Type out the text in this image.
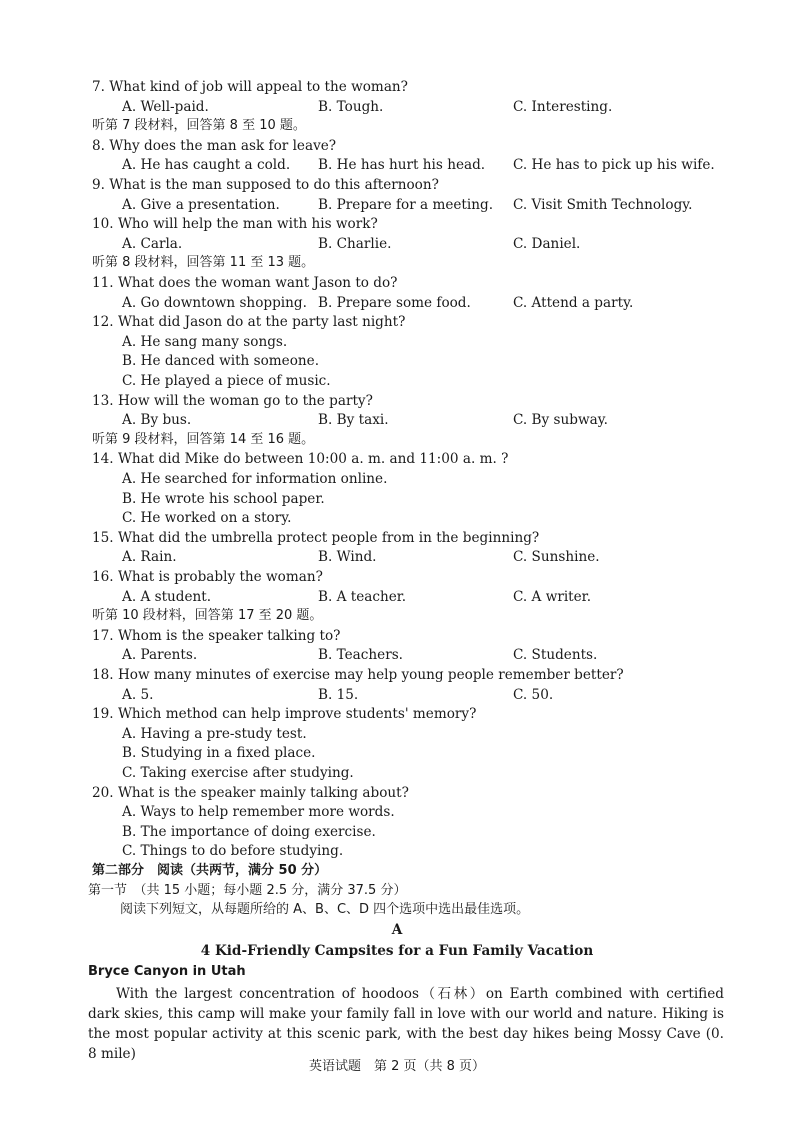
With the largest concentration of hoodoos（石林）on Earth combined with certified dark skies, this camp will make your family fall in love with our world and nature. Hiking is the most popular activity at this scenic park, with the best day hikes being Mossy Cave (0. 8 mile)
英语试题　第 2 页（共 8 页）
7. What kind of job will appeal to the woman?
A. Well-paid.	B. Tough.	C. Interesting.
听第 7 段材料，回答第 8 至 10 题。
8. Why does the man ask for leave?
A. He has caught a cold. B. He has hurt his head. C. He has to pick up his wife.
9. What is the man supposed to do this afternoon?
A. Give a presentation.	B. Prepare for a meeting. C. Visit Smith Technology.
10. Who will help the man with his work?
A. Carla.	B. Charlie.	C. Daniel.
听第 8 段材料，回答第 11 至 13 题。
11. What does the woman want Jason to do?
A. Go downtown shopping. B. Prepare some food.	C. Attend a party.
12. What did Jason do at the party last night?
A. He sang many songs.
B. He danced with someone.
C. He played a piece of music.
13. How will the woman go to the party?
A. By bus.	B. By taxi.	C. By subway.
听第 9 段材料，回答第 14 至 16 题。
14. What did Mike do between 10:00 a. m. and 11:00 a. m. ?
A. He searched for information online.
B. He wrote his school paper.
C. He worked on a story.
15. What did the umbrella protect people from in the beginning?
A. Rain.	B. Wind.	C. Sunshine.
16. What is probably the woman?
A. A student.	B. A teacher.	C. A writer.
听第 10 段材料，回答第 17 至 20 题。
17. Whom is the speaker talking to?
A. Parents.	B. Teachers.	C. Students.
18. How many minutes of exercise may help young people remember better?
A. 5.	B. 15.	C. 50.
19. Which method can help improve students' memory?
A. Having a pre-study test.
B. Studying in a fixed place.
C. Taking exercise after studying.
20. What is the speaker mainly talking about?
A. Ways to help remember more words.
B. The importance of doing exercise.
C. Things to do before studying.
第二部分　阅读（共两节，满分 50 分）
第一节　（共 15 小题；每小题 2.5 分，满分 37.5 分）
阅读下列短文，从每题所给的 A、B、C、D 四个选项中选出最佳选项。
A
4 Kid-Friendly Campsites for a Fun Family Vacation
Bryce Canyon in Utah
